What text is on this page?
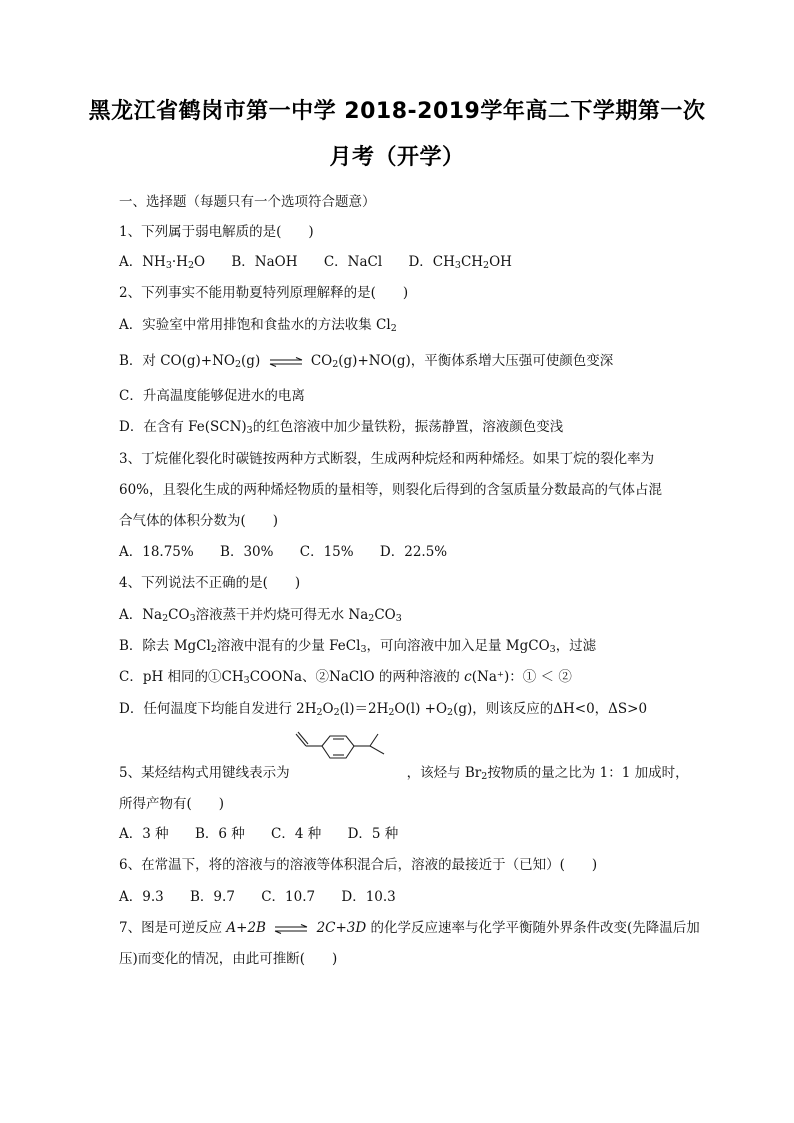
黑龙江省鹤岗市第一中学 2018-2019学年高二下学期第一次
月考（开学）
一、选择题（每题只有一个选项符合题意）
1、下列属于弱电解质的是(　　)
A．$NH_3\cdot H_2O$ B．NaOH C．NaCl D．$CH_3CH_2OH$
2、下列事实不能用勒夏特列原理解释的是(　　)
A．实验室中常用排饱和食盐水的方法收集 $Cl_2$
B．对 $CO(g)+NO_2(g)$ ⇌ $CO_2(g)+NO(g)$，平衡体系增大压强可使颜色变深
C．升高温度能够促进水的电离
D．在含有 $Fe(SCN)_3$的红色溶液中加少量铁粉，振荡静置，溶液颜色变浅
3、丁烷催化裂化时碳链按两种方式断裂，生成两种烷烃和两种烯烃。如果丁烷的裂化率为
60%，且裂化生成的两种烯烃物质的量相等，则裂化后得到的含氢质量分数最高的气体占混
合气体的体积分数为(　　)
A．18.75% B．30% C．15% D．22.5%
4、下列说法不正确的是(　　)
A．$Na_2CO_3$溶液蒸干并灼烧可得无水 $Na_2CO_3$
B．除去 MgCl$_2$溶液中混有的少量 FeCl$_3$，可向溶液中加入足量 MgCO$_3$，过滤
C．pH 相同的$①CH_3COONa$、②NaClO 的两种溶液的 c(Na⁺)：① ＜ ②
D．任何温度下均能自发进行 $2H_2O_2(l)=2H_2O(l) +O_2(g)$，则该反应的ΔH<0，ΔS>0
5、某烃结构式用键线表示为	，该烃与 $Br_2$按物质的量之比为 1：1 加成时，
所得产物有(　　)
A．3 种 B．6 种 C．4 种 D．5 种
6、在常温下，将的溶液与的溶液等体积混合后，溶液的最接近于（已知）(　　)
A．9.3 B．9.7 C．10.7 D．10.3
7、图是可逆反应 A+2B ⇌ 2C+3D 的化学反应速率与化学平衡随外界条件改变(先降温后加
压)而变化的情况，由此可推断(　　)
